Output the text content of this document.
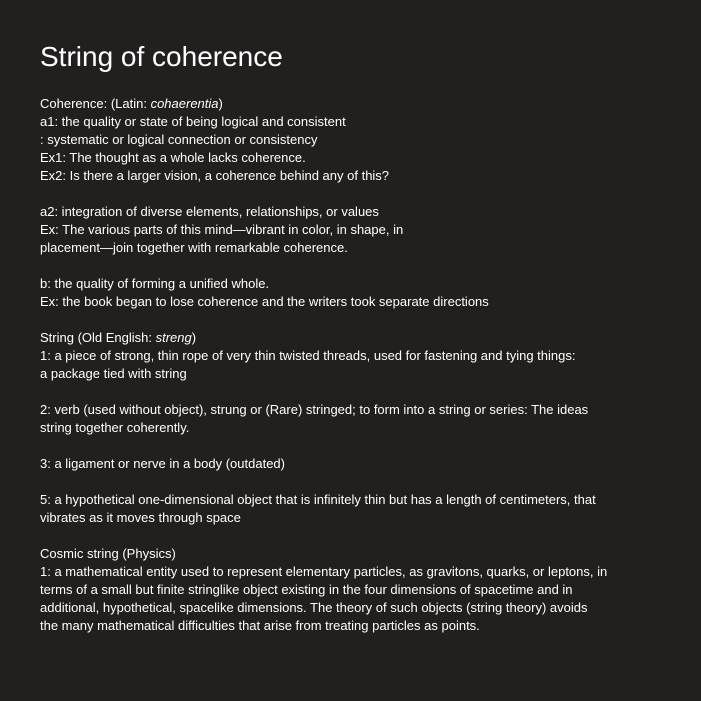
String of coherence
Coherence: (Latin: cohaerentia)
a1: the quality or state of being logical and consistent
: systematic or logical connection or consistency
Ex1: The thought as a whole lacks coherence.
Ex2: Is there a larger vision, a coherence behind any of this?
a2: integration of diverse elements, relationships, or values
Ex: The various parts of this mind—vibrant in color, in shape, in
placement—join together with remarkable coherence.
b: the quality of forming a unified whole.
Ex: the book began to lose coherence and the writers took separate directions
String (Old English: streng)
1: a piece of strong, thin rope of very thin twisted threads, used for fastening and tying things:
a package tied with string
2: verb (used without object), strung or (Rare) stringed; to form into a string or series: The ideas
string together coherently.
3: a ligament or nerve in a body (outdated)
5: a hypothetical one-dimensional object that is infinitely thin but has a length of centimeters, that
vibrates as it moves through space
Cosmic string (Physics)
1: a mathematical entity used to represent elementary particles, as gravitons, quarks, or leptons, in
terms of a small but finite stringlike object existing in the four dimensions of spacetime and in
additional, hypothetical, spacelike dimensions. The theory of such objects (string theory) avoids
the many mathematical difficulties that arise from treating particles as points.
